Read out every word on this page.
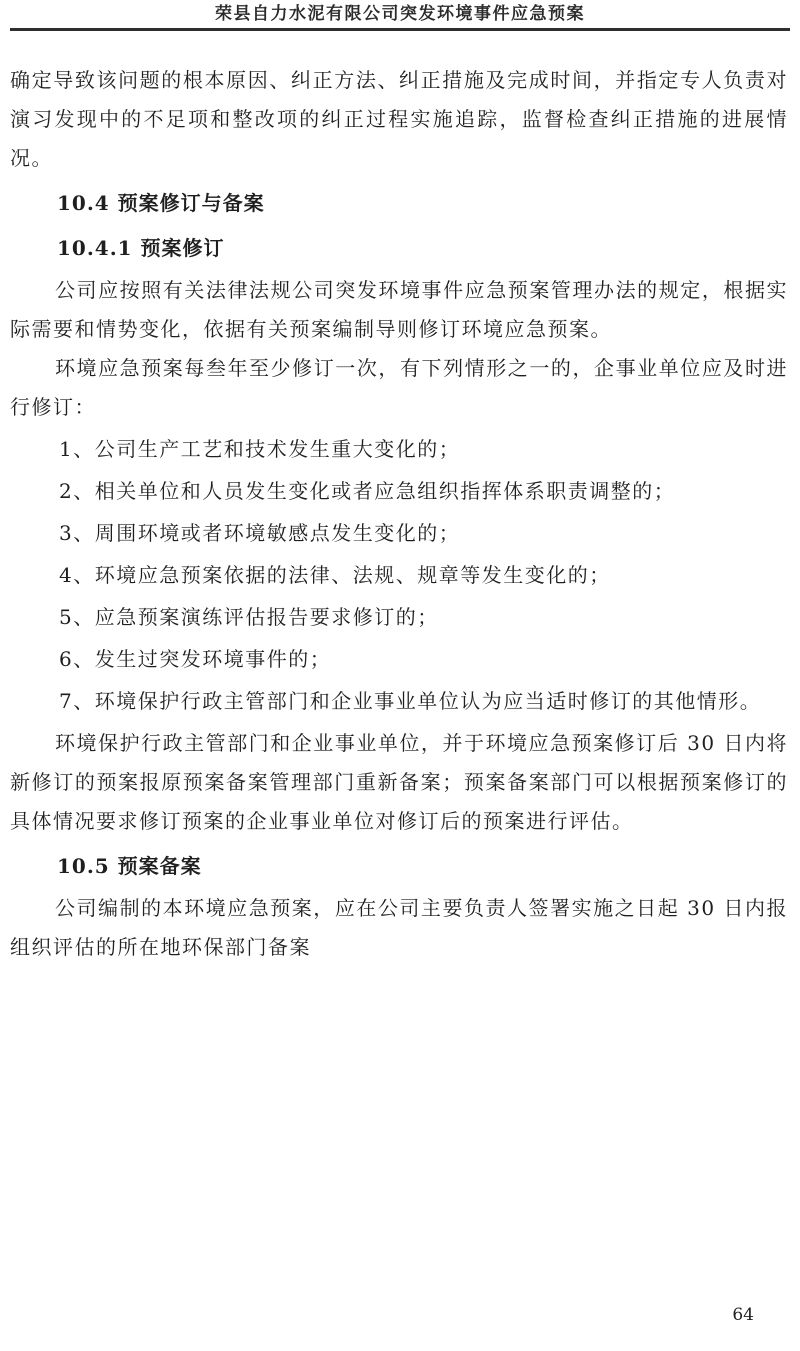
荣县自力水泥有限公司突发环境事件应急预案

确定导致该问题的根本原因、纠正方法、纠正措施及完成时间，并指定专人负责对演习发现中的不足项和整改项的纠正过程实施追踪，监督检查纠正措施的进展情况。

10.4 预案修订与备案
10.4.1 预案修订

公司应按照有关法律法规公司突发环境事件应急预案管理办法的规定，根据实际需要和情势变化，依据有关预案编制导则修订环境应急预案。

环境应急预案每叁年至少修订一次，有下列情形之一的，企事业单位应及时进行修订：

1、公司生产工艺和技术发生重大变化的；

2、相关单位和人员发生变化或者应急组织指挥体系职责调整的；

3、周围环境或者环境敏感点发生变化的；

4、环境应急预案依据的法律、法规、规章等发生变化的；

5、应急预案演练评估报告要求修订的；

6、发生过突发环境事件的；

7、环境保护行政主管部门和企业事业单位认为应当适时修订的其他情形。

环境保护行政主管部门和企业事业单位，并于环境应急预案修订后 30 日内将新修订的预案报原预案备案管理部门重新备案；预案备案部门可以根据预案修订的具体情况要求修订预案的企业事业单位对修订后的预案进行评估。

10.5 预案备案

公司编制的本环境应急预案，应在公司主要负责人签署实施之日起 30 日内报组织评估的所在地环保部门备案

64
